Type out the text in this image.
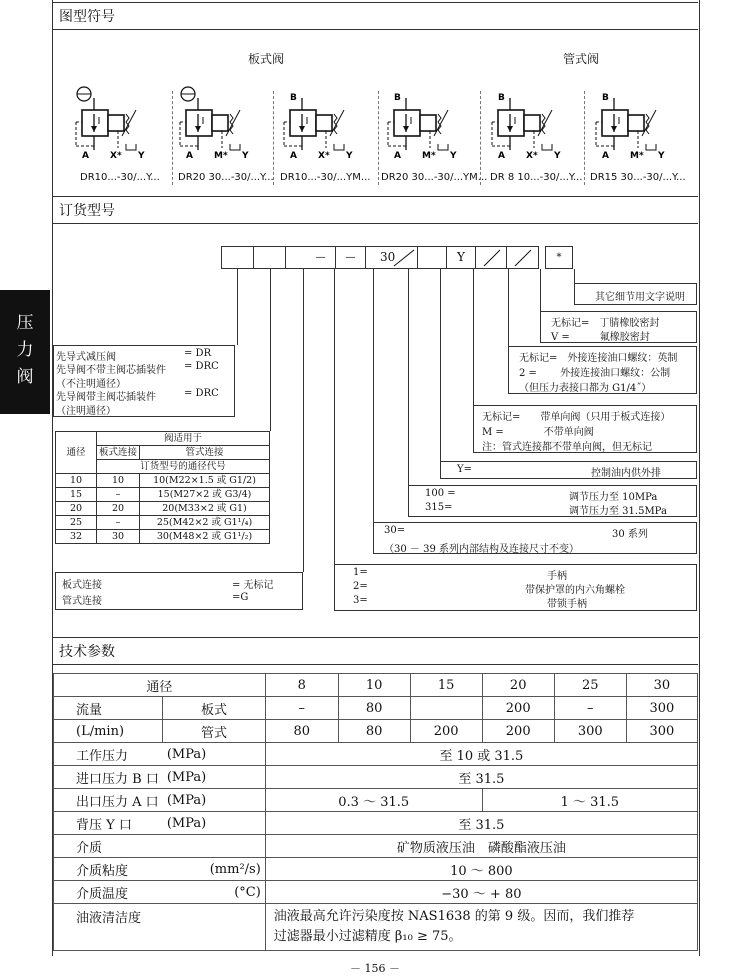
压
力
阀
图型符号
板式阀	管式阀
B
A	Y
X*	M*	X*	M*	X*	M*
DR10...-30/...Y... DR20 30...-30/...Y... DR10...-30/...YM... DR20 30...-30/...YM... DR 8 10...-30/...Y... DR15 30...-30/...Y...
订货型号
—	—	30	Y	*
其它细节用文字说明
无标记=　丁腈橡胶密封
V =　　　氟橡胶密封
无标记=　外接连接油口螺纹：英制
2 =　　 外接连接油口螺纹：公制
（但压力表接口都为 G1/4˝）
无标记=　　带单向阀（只用于板式连接）
M =　　　　不带单向阀
注：管式连接都不带单向阀，但无标记
Y=	控制油内供外排
100 =	调节压力至 10MPa
315=	调节压力至 31.5MPa
30=	30 系列
（30 － 39 系列内部结构及连接尺寸不变）
1=	手柄
2=	带保护罩的内六角螺栓
3=	带锁手柄
先导式减压阀	= DR
先导阀不带主阀芯插装件 = DRC
（不注明通径）
先导阀带主阀芯插装件	= DRC
（注明通径）
通径	阀适用于	
	板式连接	管式连接
	订货型号的通径代号	
10	10	10(M22×1.5 或 G1/2)
15	–	15(M27×2 或 G3/4)
20	20	20(M33×2 或 G1)
25	–	25(M42×2 或 G1¹/₄)
32	30	30(M48×2 或 G1¹/₂)
板式连接	= 无标记
管式连接	=G
技术参数
通径		8	10	15	20	25	30
流量	板式	–	80		200	–	300
(L/min)	管式	80	80	200	200	300	300
工作压力	(MPa)	至 10 或 31.5					
进口压力 B 口	(MPa)	至 31.5					
出口压力 A 口	(MPa)	0.3 ～ 31.5			1 ～ 31.5		
背压 Y 口	(MPa)	至 31.5					
介质		矿物质液压油　磷酸酯液压油					
介质粘度	(mm²/s)	10 ～ 800					
介质温度	(°C)	−30 ～ + 80					
油液清洁度		油液最高允许污染度按 NAS1638 的第 9 级。因而，我们推荐
过滤器最小过滤精度 β₁₀ ≥ 75。					
－ 156 －
